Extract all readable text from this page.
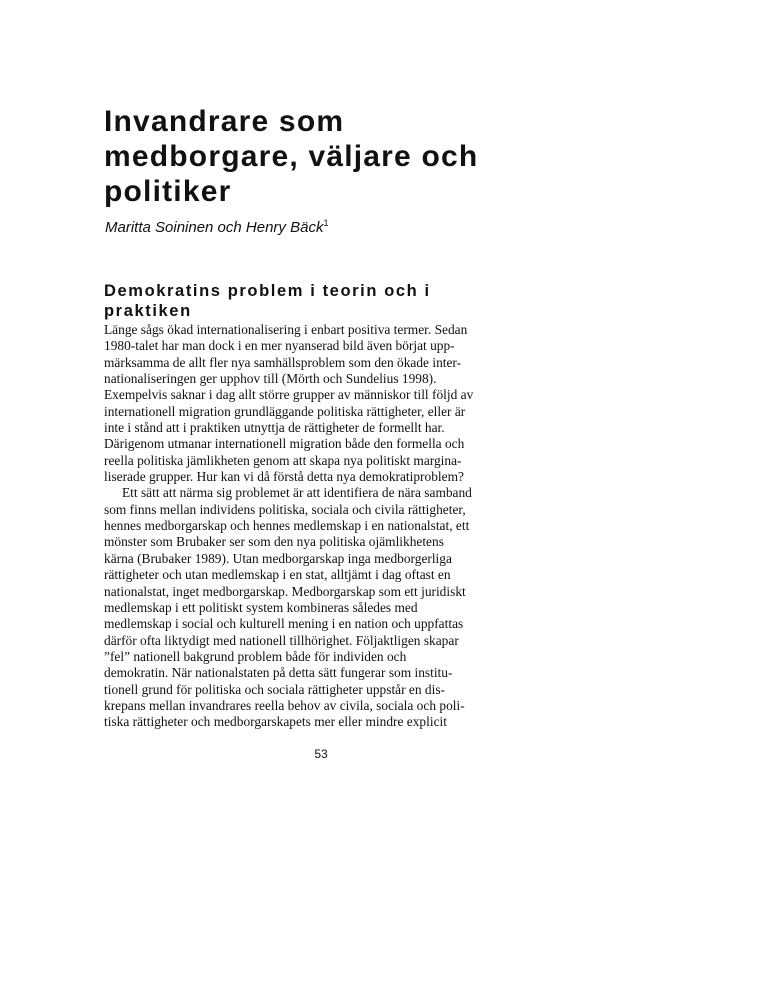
Invandrare som
medborgare, väljare och
politiker

Maritta Soininen och Henry Bäck$^1$

Demokratins problem i teorin och i
praktiken
Länge sågs ökad internationalisering i enbart positiva termer. Sedan
1980-talet har man dock i en mer nyanserad bild även börjat upp-
märksamma de allt fler nya samhällsproblem som den ökade inter-
nationaliseringen ger upphov till (Mörth och Sundelius 1998).
Exempelvis saknar i dag allt större grupper av människor till följd av
internationell migration grundläggande politiska rättigheter, eller är
inte i stånd att i praktiken utnyttja de rättigheter de formellt har.
Därigenom utmanar internationell migration både den formella och
reella politiska jämlikheten genom att skapa nya politiskt margina-
liserade grupper. Hur kan vi då förstå detta nya demokratiproblem?
Ett sätt att närma sig problemet är att identifiera de nära samband
som finns mellan individens politiska, sociala och civila rättigheter,
hennes medborgarskap och hennes medlemskap i en nationalstat, ett
mönster som Brubaker ser som den nya politiska ojämlikhetens
kärna (Brubaker 1989). Utan medborgarskap inga medborgerliga
rättigheter och utan medlemskap i en stat, alltjämt i dag oftast en
nationalstat, inget medborgarskap. Medborgarskap som ett juridiskt
medlemskap i ett politiskt system kombineras således med
medlemskap i social och kulturell mening i en nation och uppfattas
därför ofta liktydigt med nationell tillhörighet. Följaktligen skapar
”fel” nationell bakgrund problem både för individen och
demokratin. När nationalstaten på detta sätt fungerar som institu-
tionell grund för politiska och sociala rättigheter uppstår en dis-
krepans mellan invandrares reella behov av civila, sociala och poli-
tiska rättigheter och medborgarskapets mer eller mindre explicit
53
